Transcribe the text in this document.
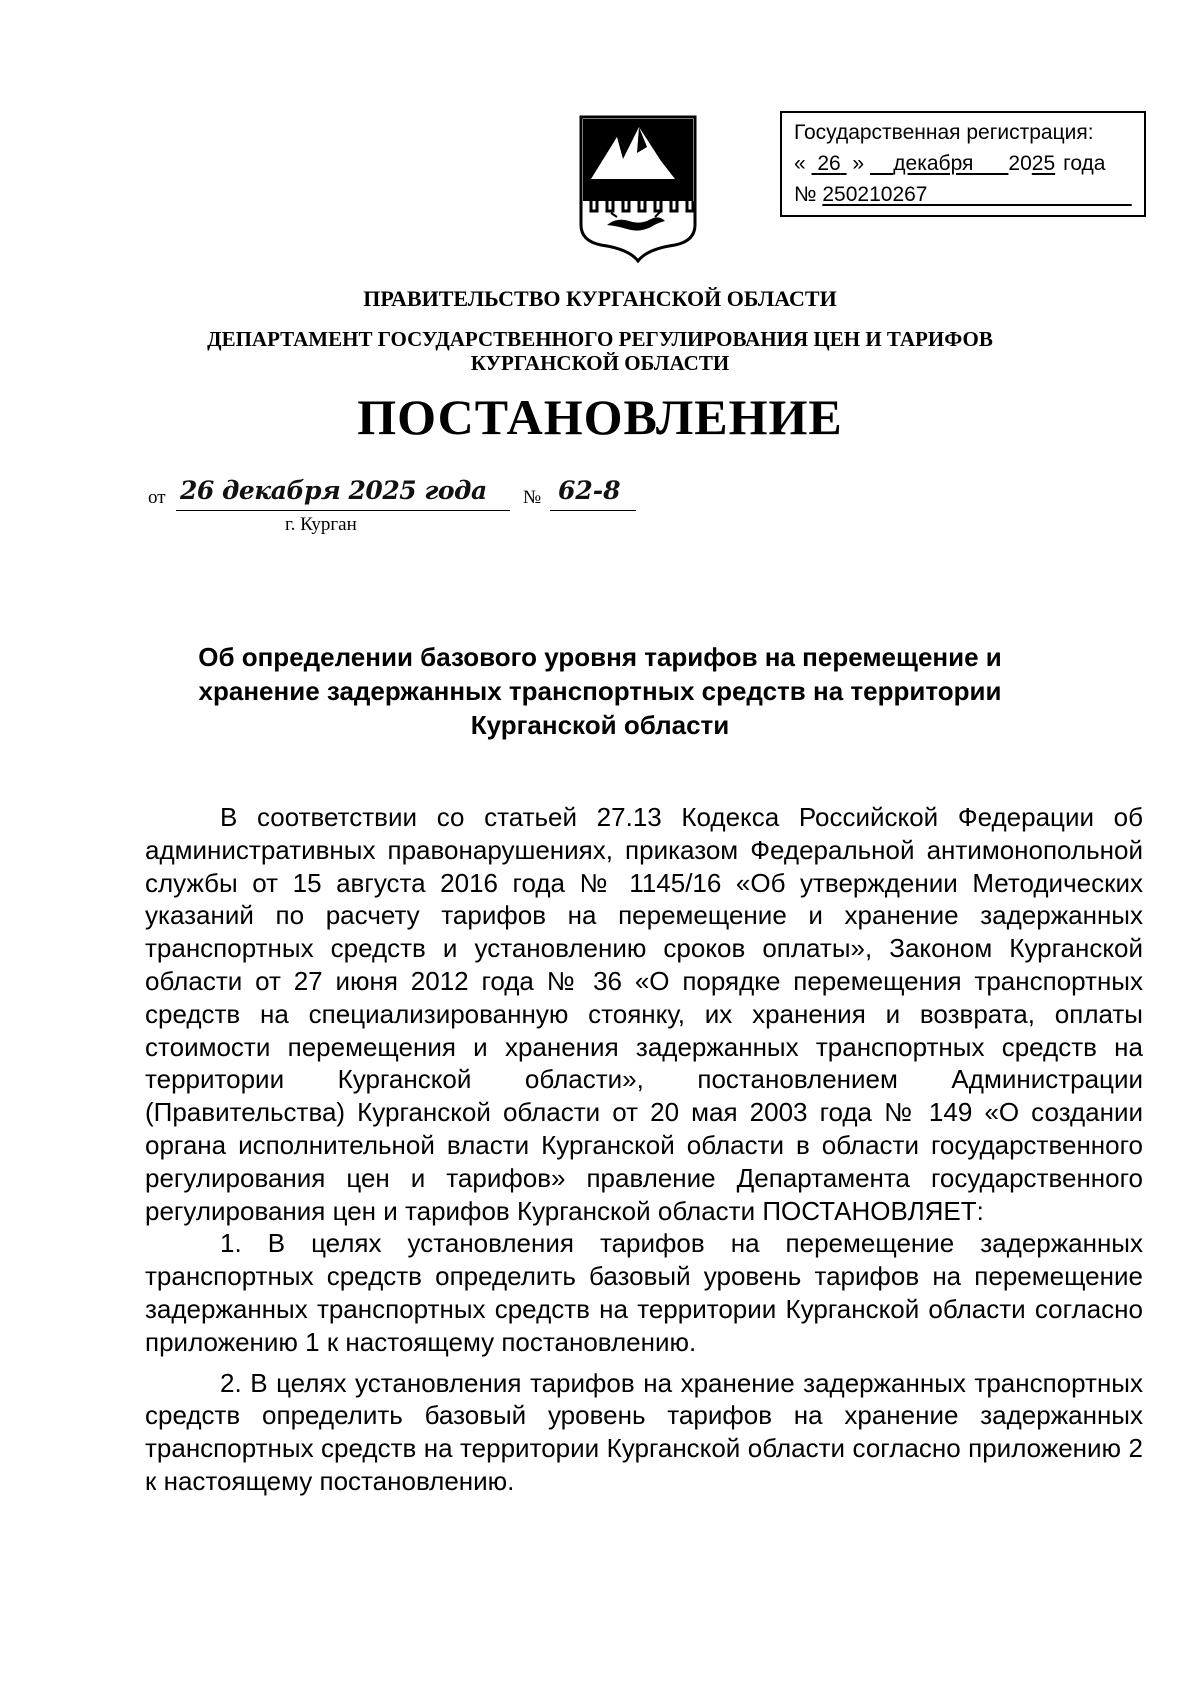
Государственная регистрация:
« 26 » декабря 2025 года
№ 250210267
ПРАВИТЕЛЬСТВО КУРГАНСКОЙ ОБЛАСТИ
ДЕПАРТАМЕНТ ГОСУДАРСТВЕННОГО РЕГУЛИРОВАНИЯ ЦЕН И ТАРИФОВ
КУРГАНСКОЙ ОБЛАСТИ
ПОСТАНОВЛЕНИЕ
от 26 декабря 2025 года № 62-8
г. Курган
Об определении базового уровня тарифов на перемещение и
хранение задержанных транспортных средств на территории
Курганской области

В соответствии со статьей 27.13 Кодекса Российской Федерации об административных правонарушениях, приказом Федеральной антимонопольной службы от 15 августа 2016 года № 1145/16 «Об утверждении Методических указаний по расчету тарифов на перемещение и хранение задержанных транспортных средств и установлению сроков оплаты», Законом Курганской области от 27 июня 2012 года № 36 «О порядке перемещения транспортных средств на специализированную стоянку, их хранения и возврата, оплаты стоимости перемещения и хранения задержанных транспортных средств на территории Курганской области», постановлением Администрации (Правительства) Курганской области от 20 мая 2003 года № 149 «О создании органа исполнительной власти Курганской области в области государственного регулирования цен и тарифов» правление Департамента государственного регулирования цен и тарифов Курганской области ПОСТАНОВЛЯЕТ:

1. В целях установления тарифов на перемещение задержанных транспортных средств определить базовый уровень тарифов на перемещение задержанных транспортных средств на территории Курганской области согласно приложению 1 к настоящему постановлению.

2. В целях установления тарифов на хранение задержанных транспортных средств определить базовый уровень тарифов на хранение задержанных транспортных средств на территории Курганской области согласно приложению 2 к настоящему постановлению.
